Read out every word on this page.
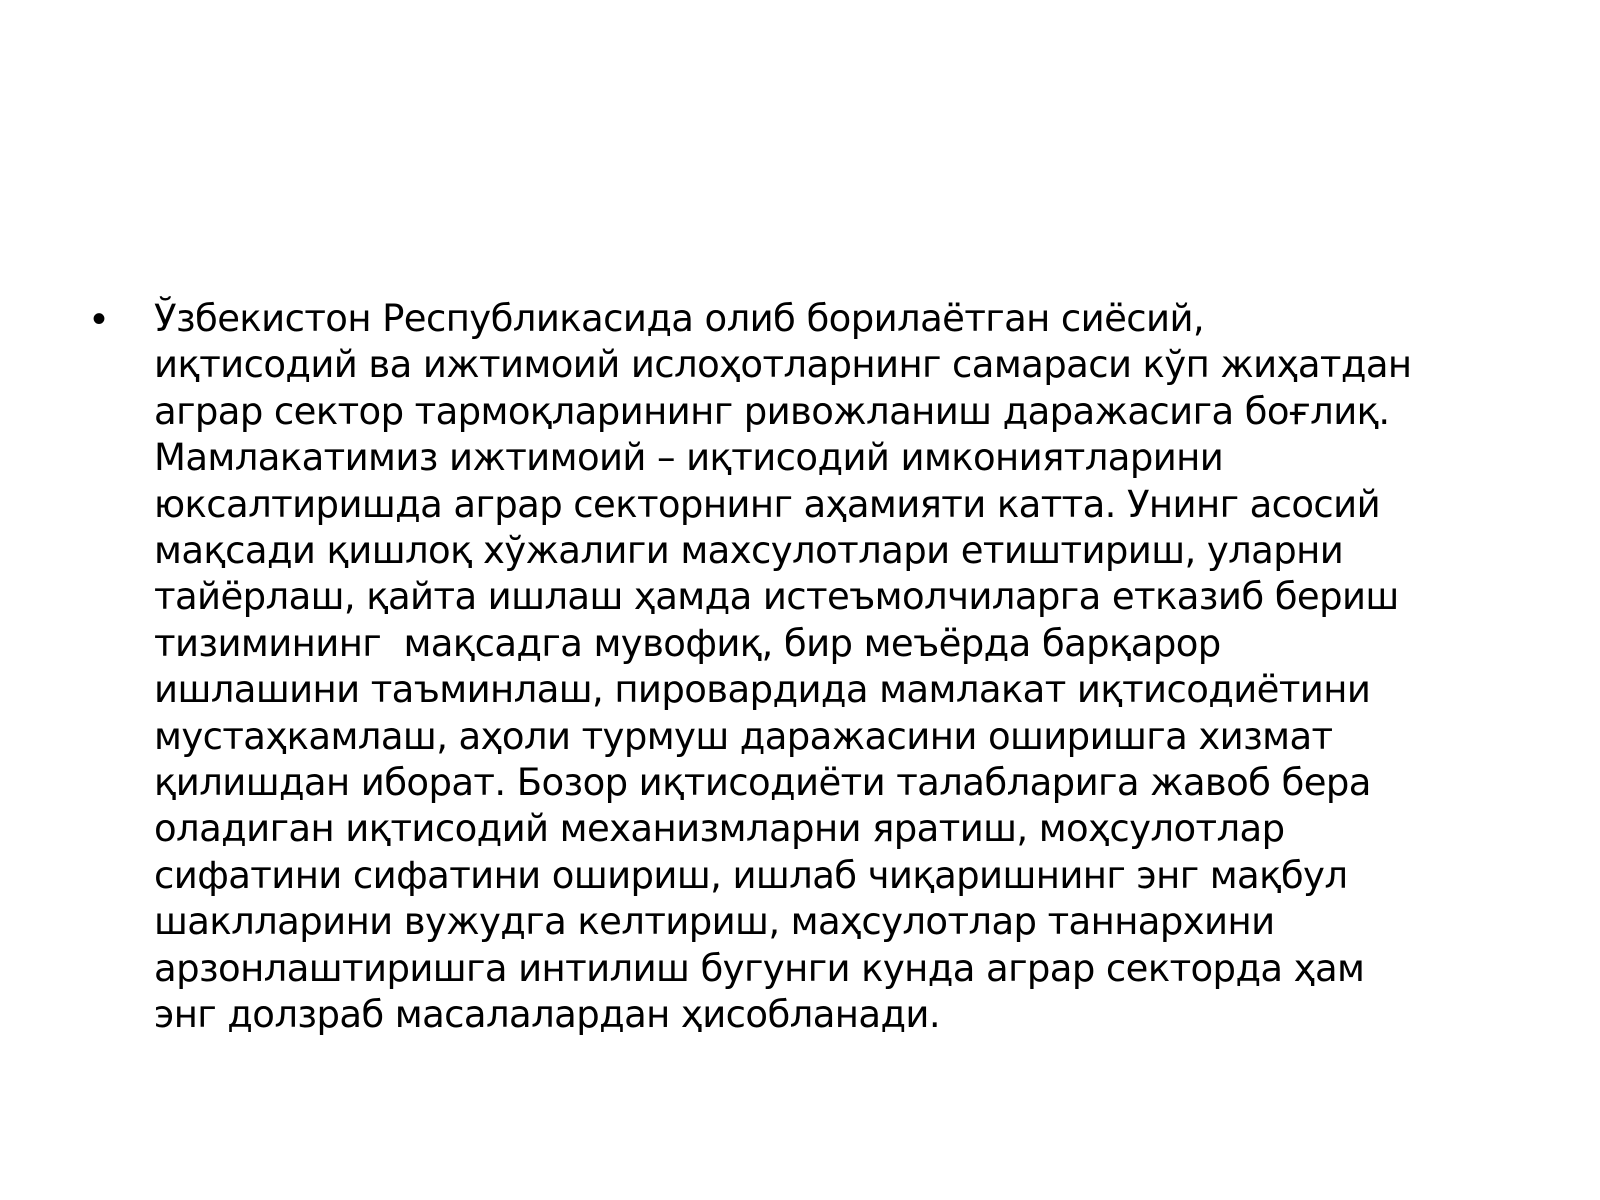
•	Ўзбекистон Республикасида олиб борилаётган сиёсий,
иқтисодий ва ижтимоий ислоҳотларнинг самараси кўп жиҳатдан
аграр сектор тармоқларининг ривожланиш даражасига боғлиқ.
Мамлакатимиз ижтимоий – иқтисодий имкониятларини
юксалтиришда аграр секторнинг аҳамияти катта. Унинг асосий
мақсади қишлоқ хўжалиги махсулотлари етиштириш, уларни
тайёрлаш, қайта ишлаш ҳамда истеъмолчиларга етказиб бериш
тизимининг  мақсадга мувофиқ, бир меъёрда барқарор
ишлашини таъминлаш, пировардида мамлакат иқтисодиётини
мустаҳкамлаш, аҳоли турмуш даражасини оширишга хизмат
қилишдан иборат. Бозор иқтисодиёти талабларига жавоб бера
оладиган иқтисодий механизмларни яратиш, моҳсулотлар
сифатини сифатини ошириш, ишлаб чиқаришнинг энг мақбул
шаклларини вужудга келтириш, маҳсулотлар таннархини
арзонлаштиришга интилиш бугунги кунда аграр секторда ҳам
энг долзраб масалалардан ҳисобланади.
